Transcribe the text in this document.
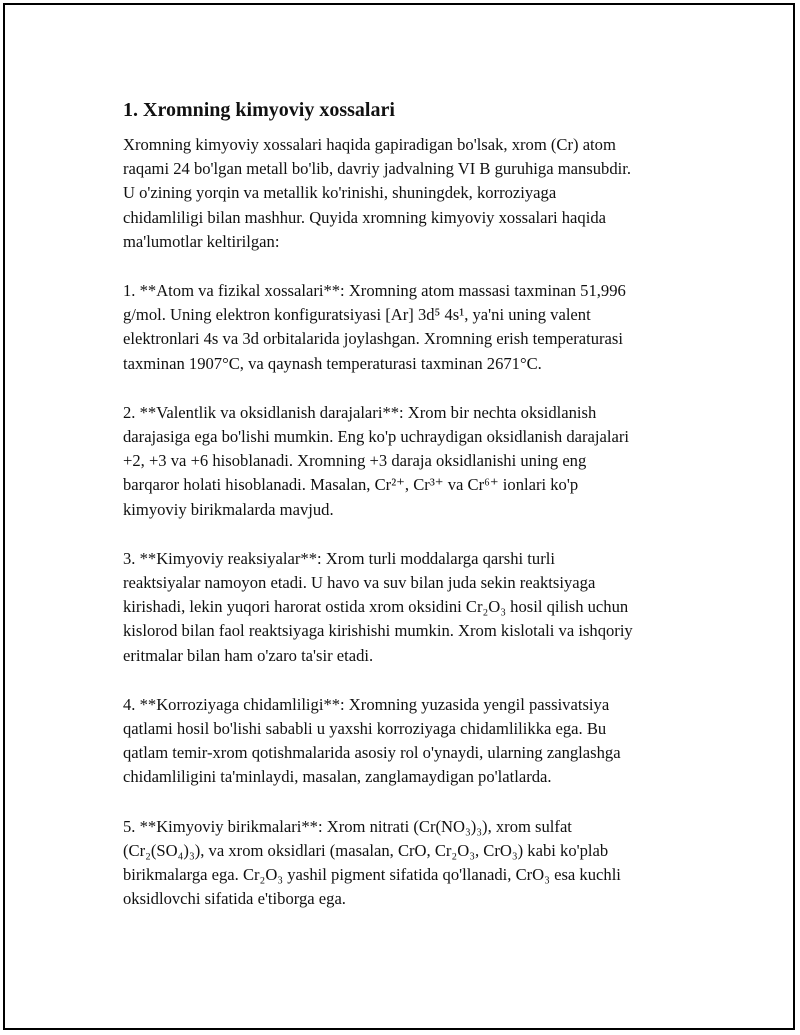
1. Xromning kimyoviy xossalari
Xromning kimyoviy xossalari haqida gapiradigan bo'lsak, xrom (Cr) atom
raqami 24 bo'lgan metall bo'lib, davriy jadvalning VI B guruhiga mansubdir.
U o'zining yorqin va metallik ko'rinishi, shuningdek, korroziyaga
chidamliligi bilan mashhur. Quyida xromning kimyoviy xossalari haqida
ma'lumotlar keltirilgan:
1. **Atom va fizikal xossalari**: Xromning atom massasi taxminan 51,996
g/mol. Uning elektron konfiguratsiyasi [Ar] 3d⁵ 4s¹, ya'ni uning valent
elektronlari 4s va 3d orbitalarida joylashgan. Xromning erish temperaturasi
taxminan 1907°C, va qaynash temperaturasi taxminan 2671°C.
2. **Valentlik va oksidlanish darajalari**: Xrom bir nechta oksidlanish
darajasiga ega bo'lishi mumkin. Eng ko'p uchraydigan oksidlanish darajalari
+2, +3 va +6 hisoblanadi. Xromning +3 daraja oksidlanishi uning eng
barqaror holati hisoblanadi. Masalan, Cr²⁺, Cr³⁺ va Cr⁶⁺ ionlari ko'p
kimyoviy birikmalarda mavjud.
3. **Kimyoviy reaksiyalar**: Xrom turli moddalarga qarshi turli
reaktsiyalar namoyon etadi. U havo va suv bilan juda sekin reaktsiyaga
kirishadi, lekin yuqori harorat ostida xrom oksidini Cr₂O₃ hosil qilish uchun
kislorod bilan faol reaktsiyaga kirishishi mumkin. Xrom kislotali va ishqoriy
eritmalar bilan ham o'zaro ta'sir etadi.
4. **Korroziyaga chidamliligi**: Xromning yuzasida yengil passivatsiya
qatlami hosil bo'lishi sababli u yaxshi korroziyaga chidamlilikka ega. Bu
qatlam temir-xrom qotishmalarida asosiy rol o'ynaydi, ularning zanglashga
chidamliligini ta'minlaydi, masalan, zanglamaydigan po'latlarda.
5. **Kimyoviy birikmalari**: Xrom nitrati (Cr(NO₃)₃), xrom sulfat
(Cr₂(SO₄)₃), va xrom oksidlari (masalan, CrO, Cr₂O₃, CrO₃) kabi ko'plab
birikmalarga ega. Cr₂O₃ yashil pigment sifatida qo'llanadi, CrO₃ esa kuchli
oksidlovchi sifatida e'tiborga ega.
